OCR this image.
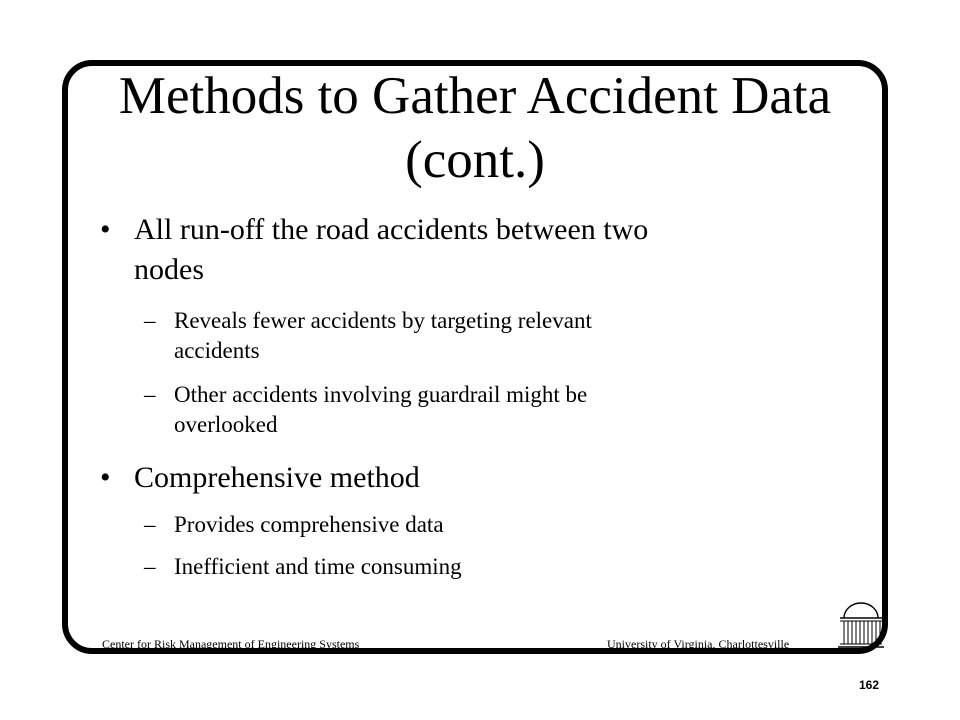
Methods to Gather Accident Data
(cont.)
• All run-off the road accidents between two
nodes
– Reveals fewer accidents by targeting relevant
accidents
– Other accidents involving guardrail might be
overlooked
• Comprehensive method
– Provides comprehensive data
– Inefficient and time consuming
Center for Risk Management of Engineering Systems	University of Virginia, Charlottesville
162
